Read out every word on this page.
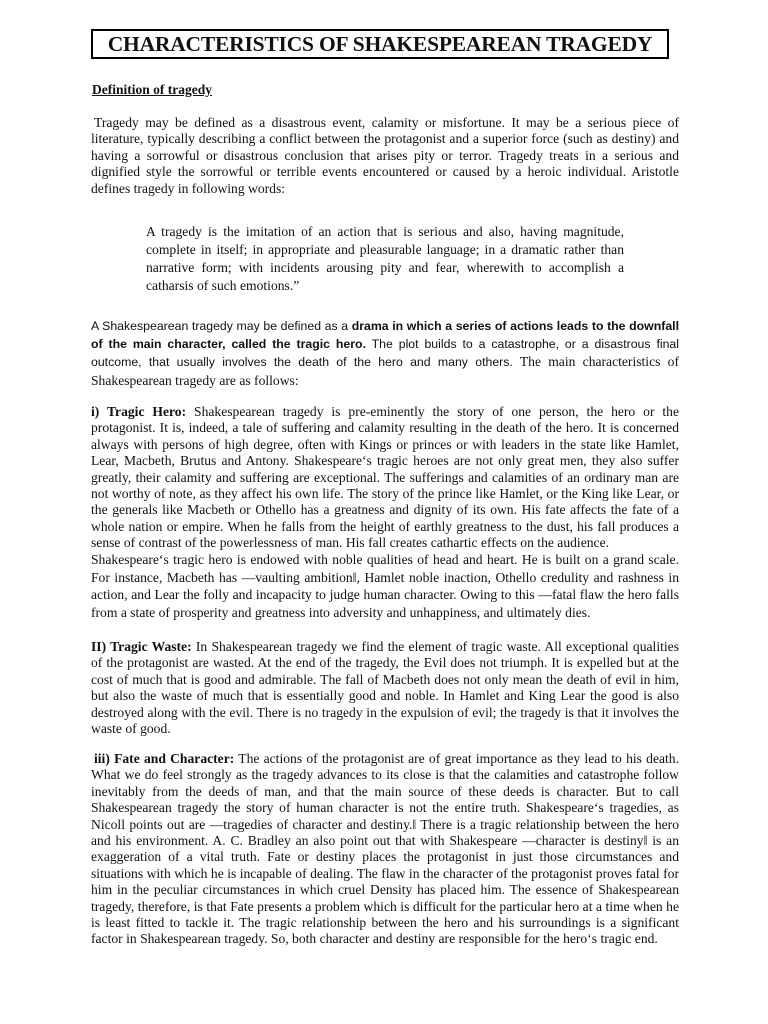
CHARACTERISTICS OF SHAKESPEAREAN TRAGEDY
Definition of tragedy

Tragedy may be defined as a disastrous event, calamity or misfortune. It may be a serious piece of literature, typically describing a conflict between the protagonist and a superior force (such as destiny) and having a sorrowful or disastrous conclusion that arises pity or terror. Tragedy treats in a serious and dignified style the sorrowful or terrible events encountered or caused by a heroic individual. Aristotle defines tragedy in following words:

A tragedy is the imitation of an action that is serious and also, having magnitude, complete in itself; in appropriate and pleasurable language; in a dramatic rather than narrative form; with incidents arousing pity and fear, wherewith to accomplish a catharsis of such emotions.”

A Shakespearean tragedy may be defined as a drama in which a series of actions leads to the downfall of the main character, called the tragic hero. The plot builds to a catastrophe, or a disastrous final outcome, that usually involves the death of the hero and many others. The main characteristics of Shakespearean tragedy are as follows:

i) Tragic Hero: Shakespearean tragedy is pre-eminently the story of one person, the hero or the protagonist. It is, indeed, a tale of suffering and calamity resulting in the death of the hero. It is concerned always with persons of high degree, often with Kings or princes or with leaders in the state like Hamlet, Lear, Macbeth, Brutus and Antony. Shakespeare‘s tragic heroes are not only great men, they also suffer greatly, their calamity and suffering are exceptional. The sufferings and calamities of an ordinary man are not worthy of note, as they affect his own life. The story of the prince like Hamlet, or the King like Lear, or the generals like Macbeth or Othello has a greatness and dignity of its own. His fate affects the fate of a whole nation or empire. When he falls from the height of earthly greatness to the dust, his fall produces a sense of contrast of the powerlessness of man. His fall creates cathartic effects on the audience.

Shakespeare‘s tragic hero is endowed with noble qualities of head and heart. He is built on a grand scale. For instance, Macbeth has ―vaulting ambition‖, Hamlet noble inaction, Othello credulity and rashness in action, and Lear the folly and incapacity to judge human character. Owing to this ―fatal flaw the hero falls from a state of prosperity and greatness into adversity and unhappiness, and ultimately dies.

II) Tragic Waste: In Shakespearean tragedy we find the element of tragic waste. All exceptional qualities of the protagonist are wasted. At the end of the tragedy, the Evil does not triumph. It is expelled but at the cost of much that is good and admirable. The fall of Macbeth does not only mean the death of evil in him, but also the waste of much that is essentially good and noble. In Hamlet and King Lear the good is also destroyed along with the evil. There is no tragedy in the expulsion of evil; the tragedy is that it involves the waste of good.

iii) Fate and Character: The actions of the protagonist are of great importance as they lead to his death. What we do feel strongly as the tragedy advances to its close is that the calamities and catastrophe follow inevitably from the deeds of man, and that the main source of these deeds is character. But to call Shakespearean tragedy the story of human character is not the entire truth. Shakespeare‘s tragedies, as Nicoll points out are ―tragedies of character and destiny.‖ There is a tragic relationship between the hero and his environment. A. C. Bradley an also point out that with Shakespeare ―character is destiny‖ is an exaggeration of a vital truth. Fate or destiny places the protagonist in just those circumstances and situations with which he is incapable of dealing. The flaw in the character of the protagonist proves fatal for him in the peculiar circumstances in which cruel Density has placed him. The essence of Shakespearean tragedy, therefore, is that Fate presents a problem which is difficult for the particular hero at a time when he is least fitted to tackle it. The tragic relationship between the hero and his surroundings is a significant factor in Shakespearean tragedy. So, both character and destiny are responsible for the hero‘s tragic end.
